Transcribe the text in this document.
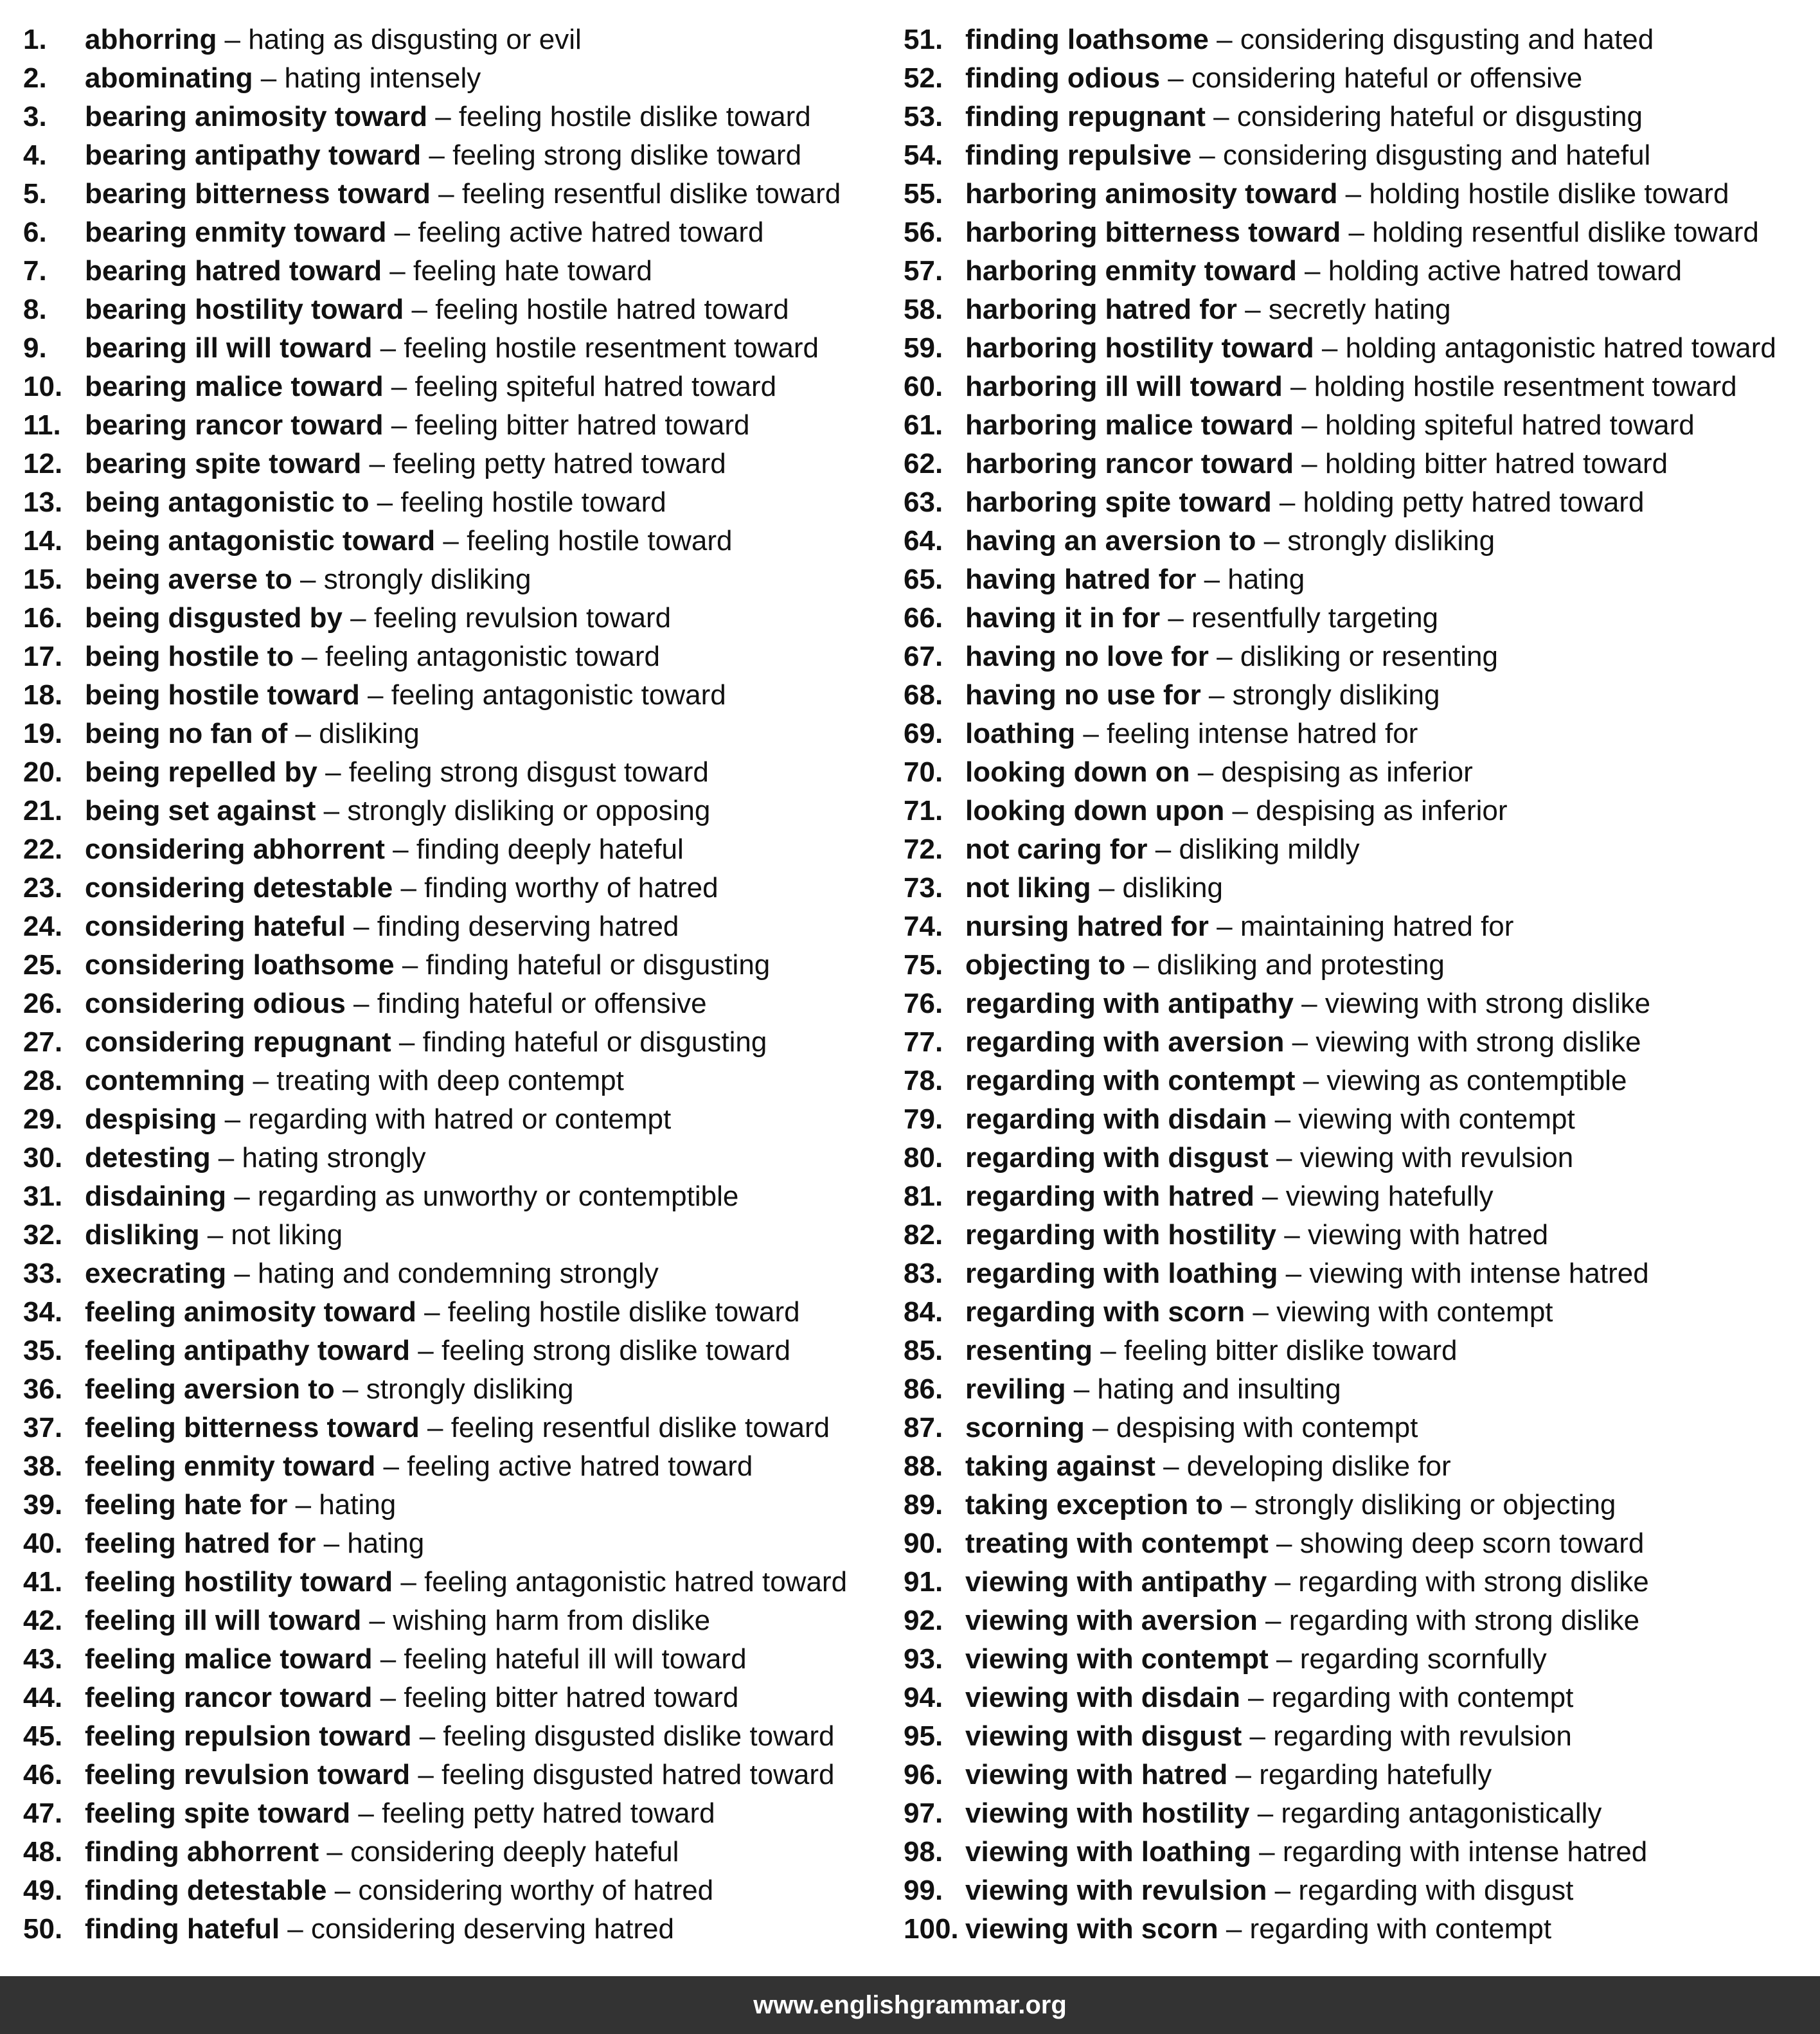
1. abhorring – hating as disgusting or evil
2. abominating – hating intensely
3. bearing animosity toward – feeling hostile dislike toward
4. bearing antipathy toward – feeling strong dislike toward
5. bearing bitterness toward – feeling resentful dislike toward
6. bearing enmity toward – feeling active hatred toward
7. bearing hatred toward – feeling hate toward
8. bearing hostility toward – feeling hostile hatred toward
9. bearing ill will toward – feeling hostile resentment toward
10. bearing malice toward – feeling spiteful hatred toward
11. bearing rancor toward – feeling bitter hatred toward
12. bearing spite toward – feeling petty hatred toward
13. being antagonistic to – feeling hostile toward
14. being antagonistic toward – feeling hostile toward
15. being averse to – strongly disliking
16. being disgusted by – feeling revulsion toward
17. being hostile to – feeling antagonistic toward
18. being hostile toward – feeling antagonistic toward
19. being no fan of – disliking
20. being repelled by – feeling strong disgust toward
21. being set against – strongly disliking or opposing
22. considering abhorrent – finding deeply hateful
23. considering detestable – finding worthy of hatred
24. considering hateful – finding deserving hatred
25. considering loathsome – finding hateful or disgusting
26. considering odious – finding hateful or offensive
27. considering repugnant – finding hateful or disgusting
28. contemning – treating with deep contempt
29. despising – regarding with hatred or contempt
30. detesting – hating strongly
31. disdaining – regarding as unworthy or contemptible
32. disliking – not liking
33. execrating – hating and condemning strongly
34. feeling animosity toward – feeling hostile dislike toward
35. feeling antipathy toward – feeling strong dislike toward
36. feeling aversion to – strongly disliking
37. feeling bitterness toward – feeling resentful dislike toward
38. feeling enmity toward – feeling active hatred toward
39. feeling hate for – hating
40. feeling hatred for – hating
41. feeling hostility toward – feeling antagonistic hatred toward
42. feeling ill will toward – wishing harm from dislike
43. feeling malice toward – feeling hateful ill will toward
44. feeling rancor toward – feeling bitter hatred toward
45. feeling repulsion toward – feeling disgusted dislike toward
46. feeling revulsion toward – feeling disgusted hatred toward
47. feeling spite toward – feeling petty hatred toward
48. finding abhorrent – considering deeply hateful
49. finding detestable – considering worthy of hatred
50. finding hateful – considering deserving hatred
51. finding loathsome – considering disgusting and hated
52. finding odious – considering hateful or offensive
53. finding repugnant – considering hateful or disgusting
54. finding repulsive – considering disgusting and hateful
55. harboring animosity toward – holding hostile dislike toward
56. harboring bitterness toward – holding resentful dislike toward
57. harboring enmity toward – holding active hatred toward
58. harboring hatred for – secretly hating
59. harboring hostility toward – holding antagonistic hatred toward
60. harboring ill will toward – holding hostile resentment toward
61. harboring malice toward – holding spiteful hatred toward
62. harboring rancor toward – holding bitter hatred toward
63. harboring spite toward – holding petty hatred toward
64. having an aversion to – strongly disliking
65. having hatred for – hating
66. having it in for – resentfully targeting
67. having no love for – disliking or resenting
68. having no use for – strongly disliking
69. loathing – feeling intense hatred for
70. looking down on – despising as inferior
71. looking down upon – despising as inferior
72. not caring for – disliking mildly
73. not liking – disliking
74. nursing hatred for – maintaining hatred for
75. objecting to – disliking and protesting
76. regarding with antipathy – viewing with strong dislike
77. regarding with aversion – viewing with strong dislike
78. regarding with contempt – viewing as contemptible
79. regarding with disdain – viewing with contempt
80. regarding with disgust – viewing with revulsion
81. regarding with hatred – viewing hatefully
82. regarding with hostility – viewing with hatred
83. regarding with loathing – viewing with intense hatred
84. regarding with scorn – viewing with contempt
85. resenting – feeling bitter dislike toward
86. reviling – hating and insulting
87. scorning – despising with contempt
88. taking against – developing dislike for
89. taking exception to – strongly disliking or objecting
90. treating with contempt – showing deep scorn toward
91. viewing with antipathy – regarding with strong dislike
92. viewing with aversion – regarding with strong dislike
93. viewing with contempt – regarding scornfully
94. viewing with disdain – regarding with contempt
95. viewing with disgust – regarding with revulsion
96. viewing with hatred – regarding hatefully
97. viewing with hostility – regarding antagonistically
98. viewing with loathing – regarding with intense hatred
99. viewing with revulsion – regarding with disgust
100. viewing with scorn – regarding with contempt
www.englishgrammar.org
